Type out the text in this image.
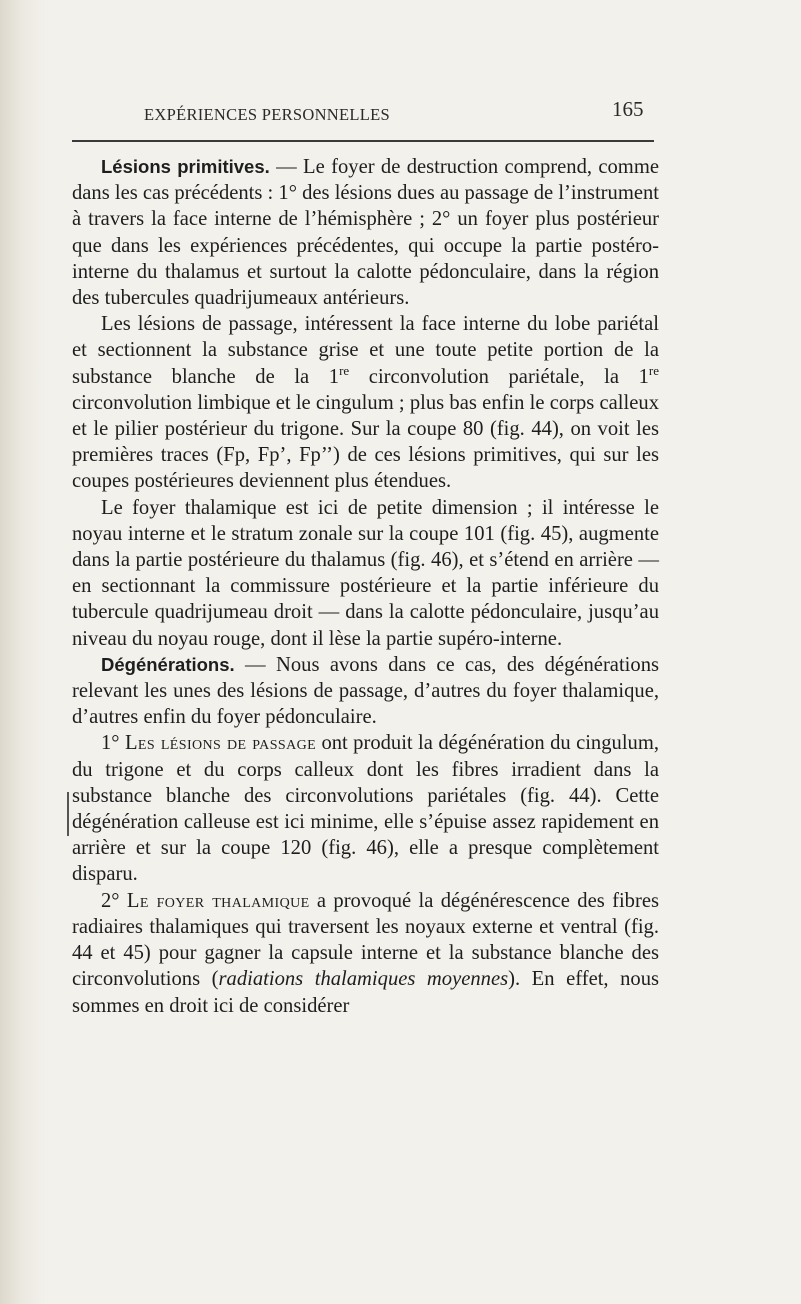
EXPÉRIENCES PERSONNELLES	165

Lésions primitives. — Le foyer de destruction comprend, comme dans les cas précédents : 1° des lésions dues au passage de l’instrument à travers la face interne de l’hémisphère ; 2° un foyer plus postérieur que dans les expériences précédentes, qui occupe la partie postéro-interne du thalamus et surtout la calotte pédonculaire, dans la région des tubercules quadrijumeaux antérieurs.

Les lésions de passage, intéressent la face interne du lobe pariétal et sectionnent la substance grise et une toute petite portion de la substance blanche de la 1re circonvolution pariétale, la 1re circonvolution limbique et le cingulum ; plus bas enfin le corps calleux et le pilier postérieur du trigone. Sur la coupe 80 (fig. 44), on voit les premières traces (Fp, Fp’, Fp’’) de ces lésions primitives, qui sur les coupes postérieures deviennent plus étendues.

Le foyer thalamique est ici de petite dimension ; il intéresse le noyau interne et le stratum zonale sur la coupe 101 (fig. 45), augmente dans la partie postérieure du thalamus (fig. 46), et s’étend en arrière — en sectionnant la commissure postérieure et la partie inférieure du tubercule quadrijumeau droit — dans la calotte pédonculaire, jusqu’au niveau du noyau rouge, dont il lèse la partie supéro-interne.

Dégénérations. — Nous avons dans ce cas, des dégénérations relevant les unes des lésions de passage, d’autres du foyer thalamique, d’autres enfin du foyer pédonculaire.

1° Les lésions de passage ont produit la dégénération du cingulum, du trigone et du corps calleux dont les fibres irradient dans la substance blanche des circonvolutions pariétales (fig. 44). Cette dégénération calleuse est ici minime, elle s’épuise assez rapidement en arrière et sur la coupe 120 (fig. 46), elle a presque complètement disparu.

2° Le foyer thalamique a provoqué la dégénérescence des fibres radiaires thalamiques qui traversent les noyaux externe et ventral (fig. 44 et 45) pour gagner la capsule interne et la substance blanche des circonvolutions (radiations thalamiques moyennes). En effet, nous sommes en droit ici de considérer
